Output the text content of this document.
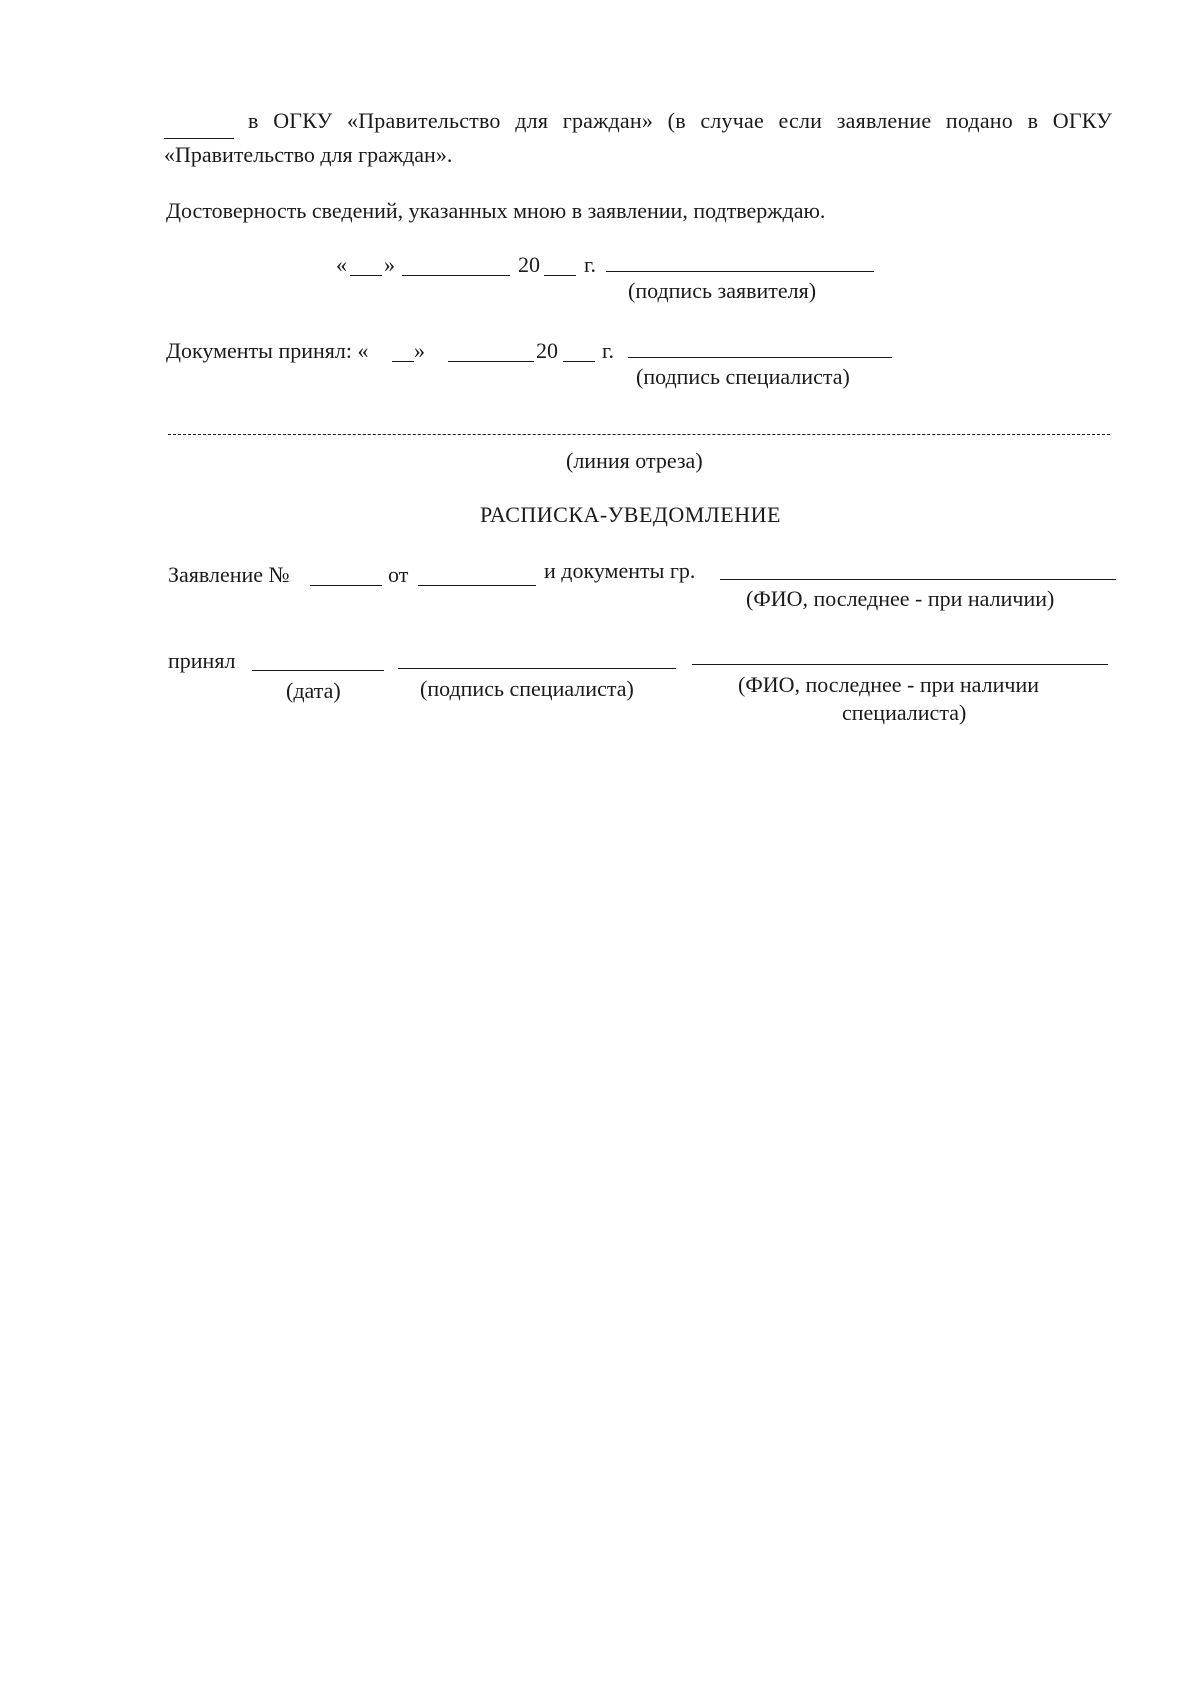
в ОГКУ «Правительство для граждан» (в случае если заявление подано в ОГКУ
«Правительство для граждан».
Достоверность сведений, указанных мною в заявлении, подтверждаю.
« »	20 г.
(подпись заявителя)
Документы принял: « »	20 г.
(подпись специалиста)
(линия отреза)
РАСПИСКА-УВЕДОМЛЕНИЕ
Заявление №	от	и документы гр.
(ФИО, последнее - при наличии)
принял
(дата)	(подпись специалиста)	(ФИО, последнее - при наличии
специалиста)
